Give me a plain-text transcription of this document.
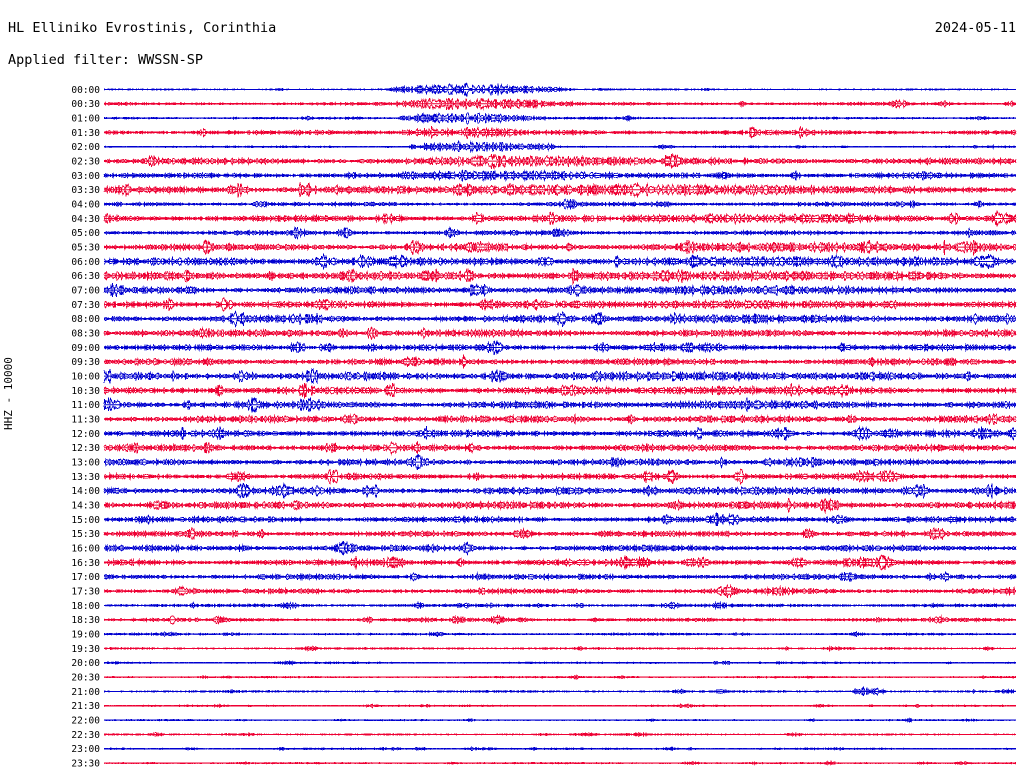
HL Elliniko Evrostinis, Corinthia	2024-05-11
Applied filter: WWSSN-SP
HHZ - 10000
00:00
00:30
01:00
01:30
02:00
02:30
03:00
03:30
04:00
04:30
05:00
05:30
06:00
06:30
07:00
07:30
08:00
08:30
09:00
09:30
10:00
10:30
11:00
11:30
12:00
12:30
13:00
13:30
14:00
14:30
15:00
15:30
16:00
16:30
17:00
17:30
18:00
18:30
19:00
19:30
20:00
20:30
21:00
21:30
22:00
22:30
23:00
23:30
